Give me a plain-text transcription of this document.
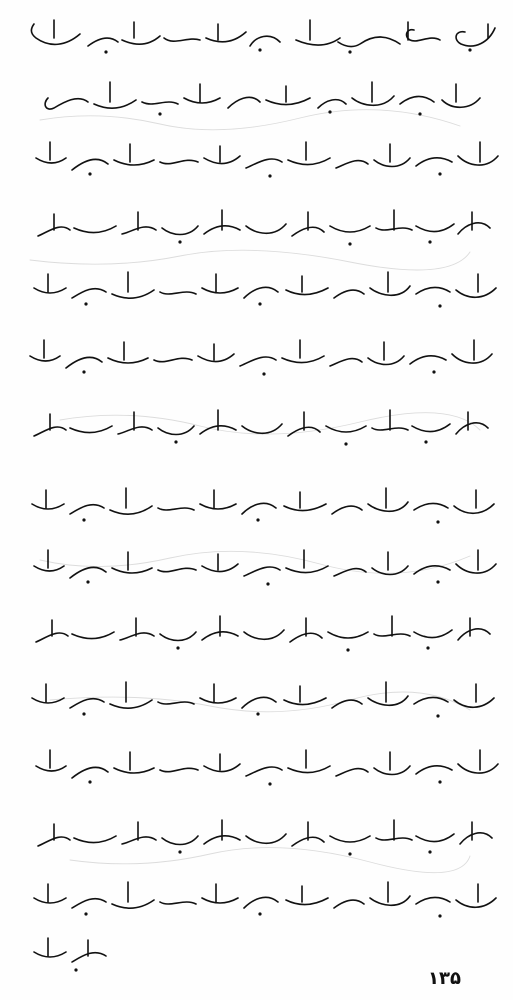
١٣۵
